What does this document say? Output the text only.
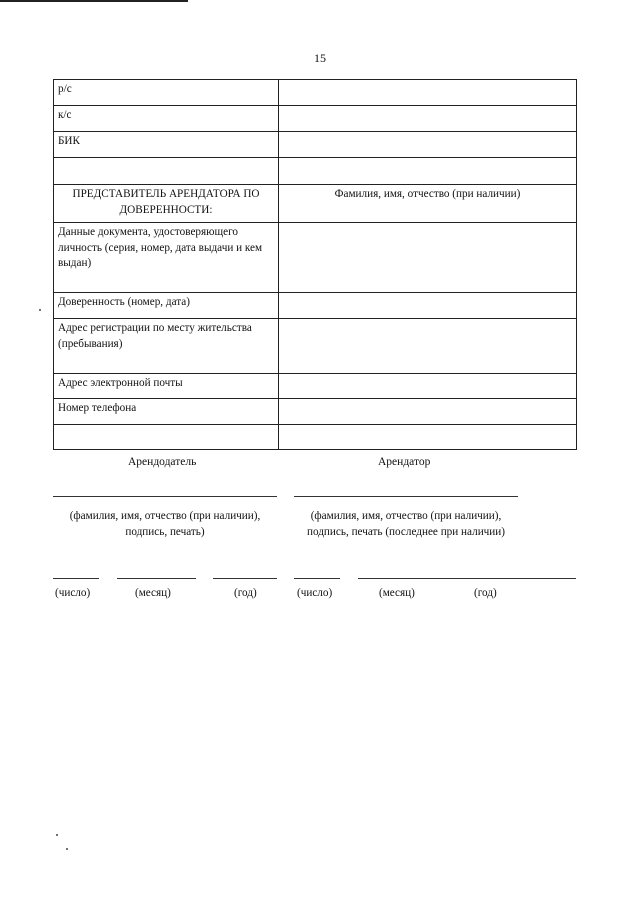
15
р/с	
к/с	
БИК	

ПРЕДСТАВИТЕЛЬ АРЕНДАТОРА ПО ДОВЕРЕННОСТИ:	Фамилия, имя, отчество (при наличии)
Данные документа, удостоверяющего личность (серия, номер, дата выдачи и кем выдан)	
Доверенность (номер, дата)	
Адрес регистрации по месту жительства (пребывания)	
Адрес электронной почты	
Номер телефона	

Арендодатель
(фамилия, имя, отчество (при наличии), подпись, печать)
(число)	(месяц)	(год)
Арендатор
(фамилия, имя, отчество (при наличии), подпись, печать (последнее при наличии)
(число)	(месяц)	(год)
